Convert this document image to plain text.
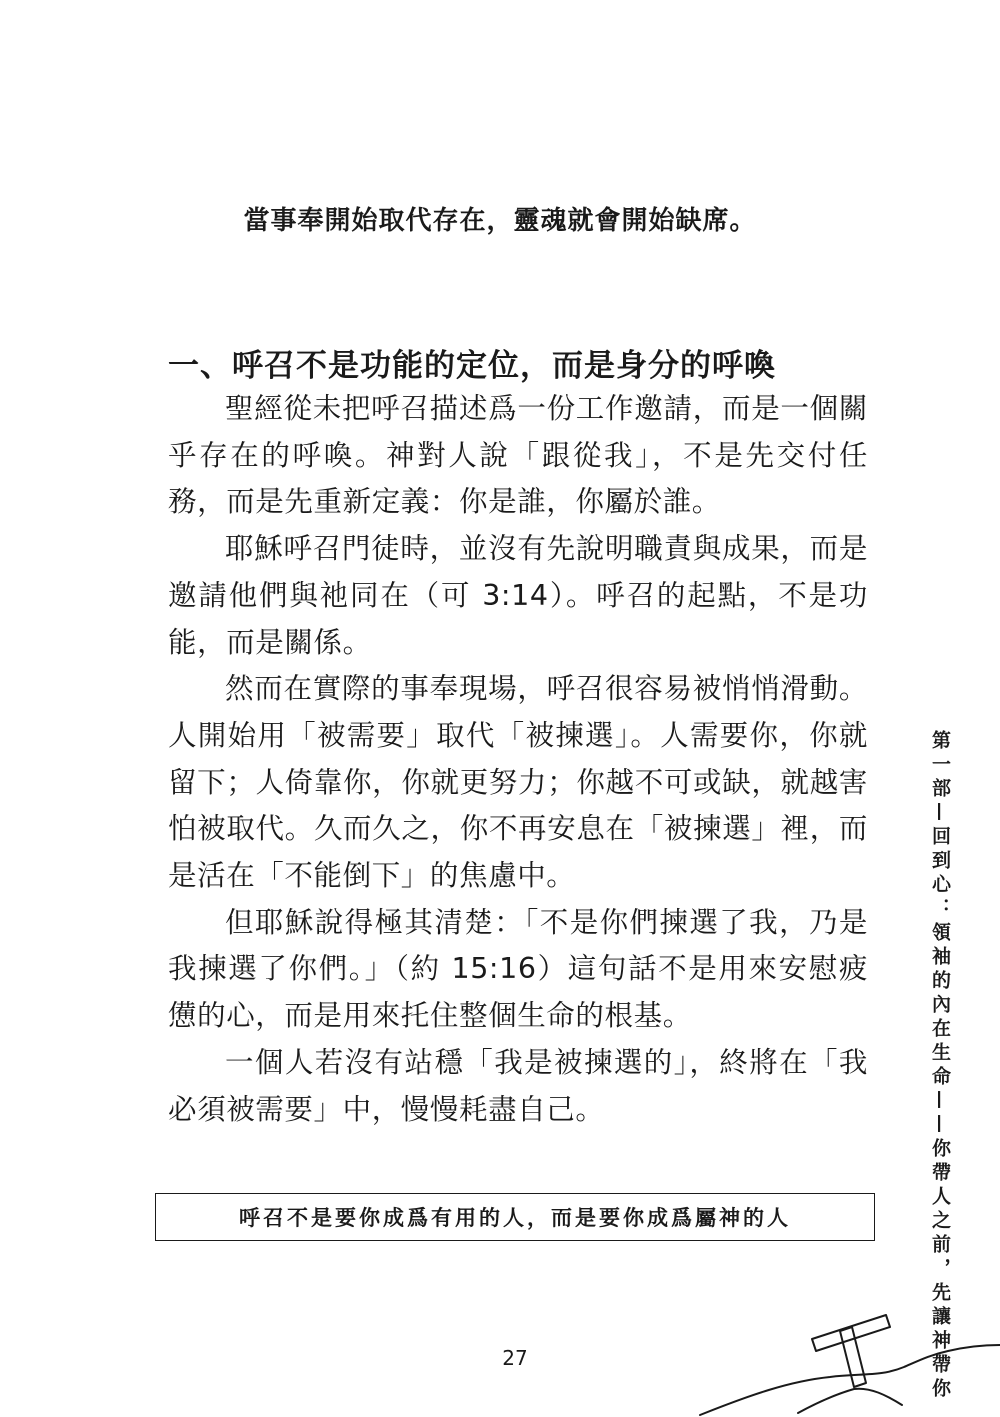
當事奉開始取代存在，靈魂就會開始缺席。
一、呼召不是功能的定位，而是身分的呼喚

聖經從未把呼召描述爲一份工作邀請，而是一個關乎存在的呼喚。神對人說「跟從我」，不是先交付任務，而是先重新定義：你是誰，你屬於誰。

耶穌呼召門徒時，並沒有先說明職責與成果，而是邀請他們與祂同在（可 3:14）。呼召的起點，不是功能，而是關係。

然而在實際的事奉現場，呼召很容易被悄悄滑動。人開始用「被需要」取代「被揀選」。人需要你，你就留下；人倚靠你，你就更努力；你越不可或缺，就越害怕被取代。久而久之，你不再安息在「被揀選」裡，而是活在「不能倒下」的焦慮中。

但耶穌說得極其清楚：「不是你們揀選了我，乃是我揀選了你們。」（約 15:16）這句話不是用來安慰疲憊的心，而是用來托住整個生命的根基。

一個人若沒有站穩「我是被揀選的」，終將在「我必須被需要」中，慢慢耗盡自己。

呼召不是要你成爲有用的人，而是要你成爲屬神的人	第一部—回到心：領袖的內在生命——你帶人之前，先讓神帶你
27
